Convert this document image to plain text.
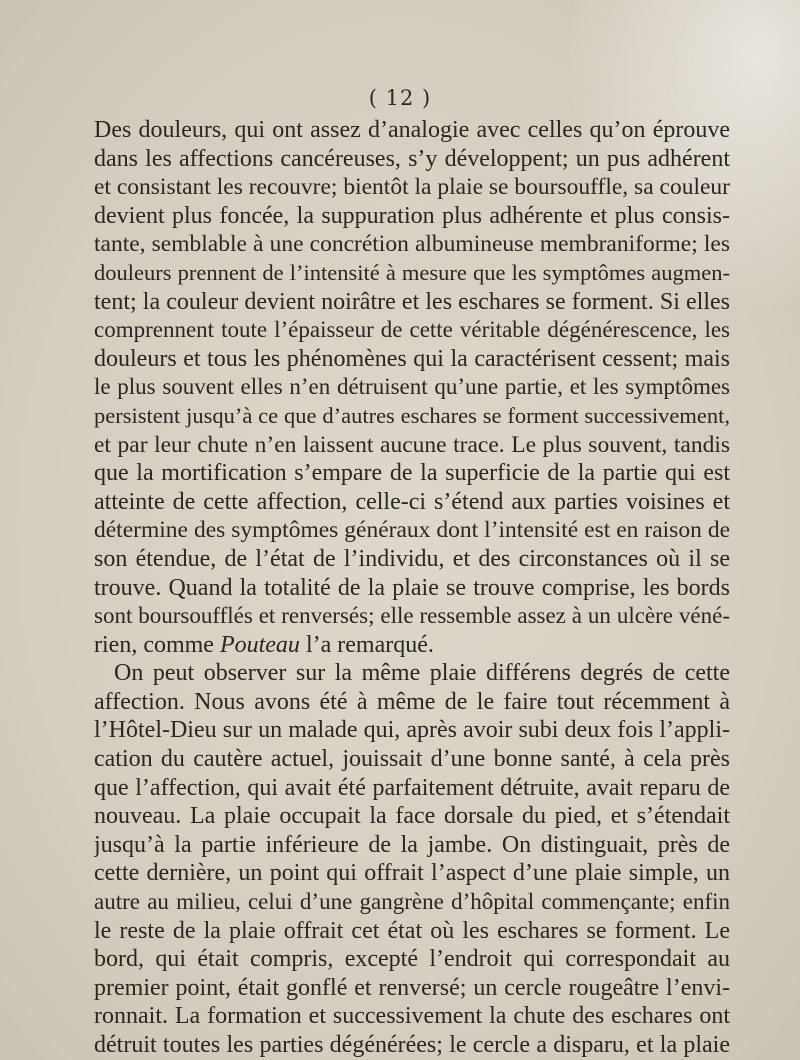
( 12 )
Des douleurs, qui ont assez d’analogie avec celles qu’on éprouve
dans les affections cancéreuses, s’y développent; un pus adhérent
et consistant les recouvre; bientôt la plaie se boursouffle, sa couleur
devient plus foncée, la suppuration plus adhérente et plus consis-
tante, semblable à une concrétion albumineuse membraniforme; les
douleurs prennent de l’intensité à mesure que les symptômes augmen-
tent; la couleur devient noirâtre et les eschares se forment. Si elles
comprennent toute l’épaisseur de cette véritable dégénérescence, les
douleurs et tous les phénomènes qui la caractérisent cessent; mais
le plus souvent elles n’en détruisent qu’une partie, et les symptômes
persistent jusqu’à ce que d’autres eschares se forment successivement,
et par leur chute n’en laissent aucune trace. Le plus souvent, tandis
que la mortification s’empare de la superficie de la partie qui est
atteinte de cette affection, celle-ci s’étend aux parties voisines et
détermine des symptômes généraux dont l’intensité est en raison de
son étendue, de l’état de l’individu, et des circonstances où il se
trouve. Quand la totalité de la plaie se trouve comprise, les bords
sont boursoufflés et renversés; elle ressemble assez à un ulcère véné-
rien, comme Pouteau l’a remarqué.
On peut observer sur la même plaie différens degrés de cette
affection. Nous avons été à même de le faire tout récemment à
l’Hôtel-Dieu sur un malade qui, après avoir subi deux fois l’appli-
cation du cautère actuel, jouissait d’une bonne santé, à cela près
que l’affection, qui avait été parfaitement détruite, avait reparu de
nouveau. La plaie occupait la face dorsale du pied, et s’étendait
jusqu’à la partie inférieure de la jambe. On distinguait, près de
cette dernière, un point qui offrait l’aspect d’une plaie simple, un
autre au milieu, celui d’une gangrène d’hôpital commençante; enfin
le reste de la plaie offrait cet état où les eschares se forment. Le
bord, qui était compris, excepté l’endroit qui correspondait au
premier point, était gonflé et renversé; un cercle rougeâtre l’envi-
ronnait. La formation et successivement la chute des eschares ont
détruit toutes les parties dégénérées; le cercle a disparu, et la plaie
